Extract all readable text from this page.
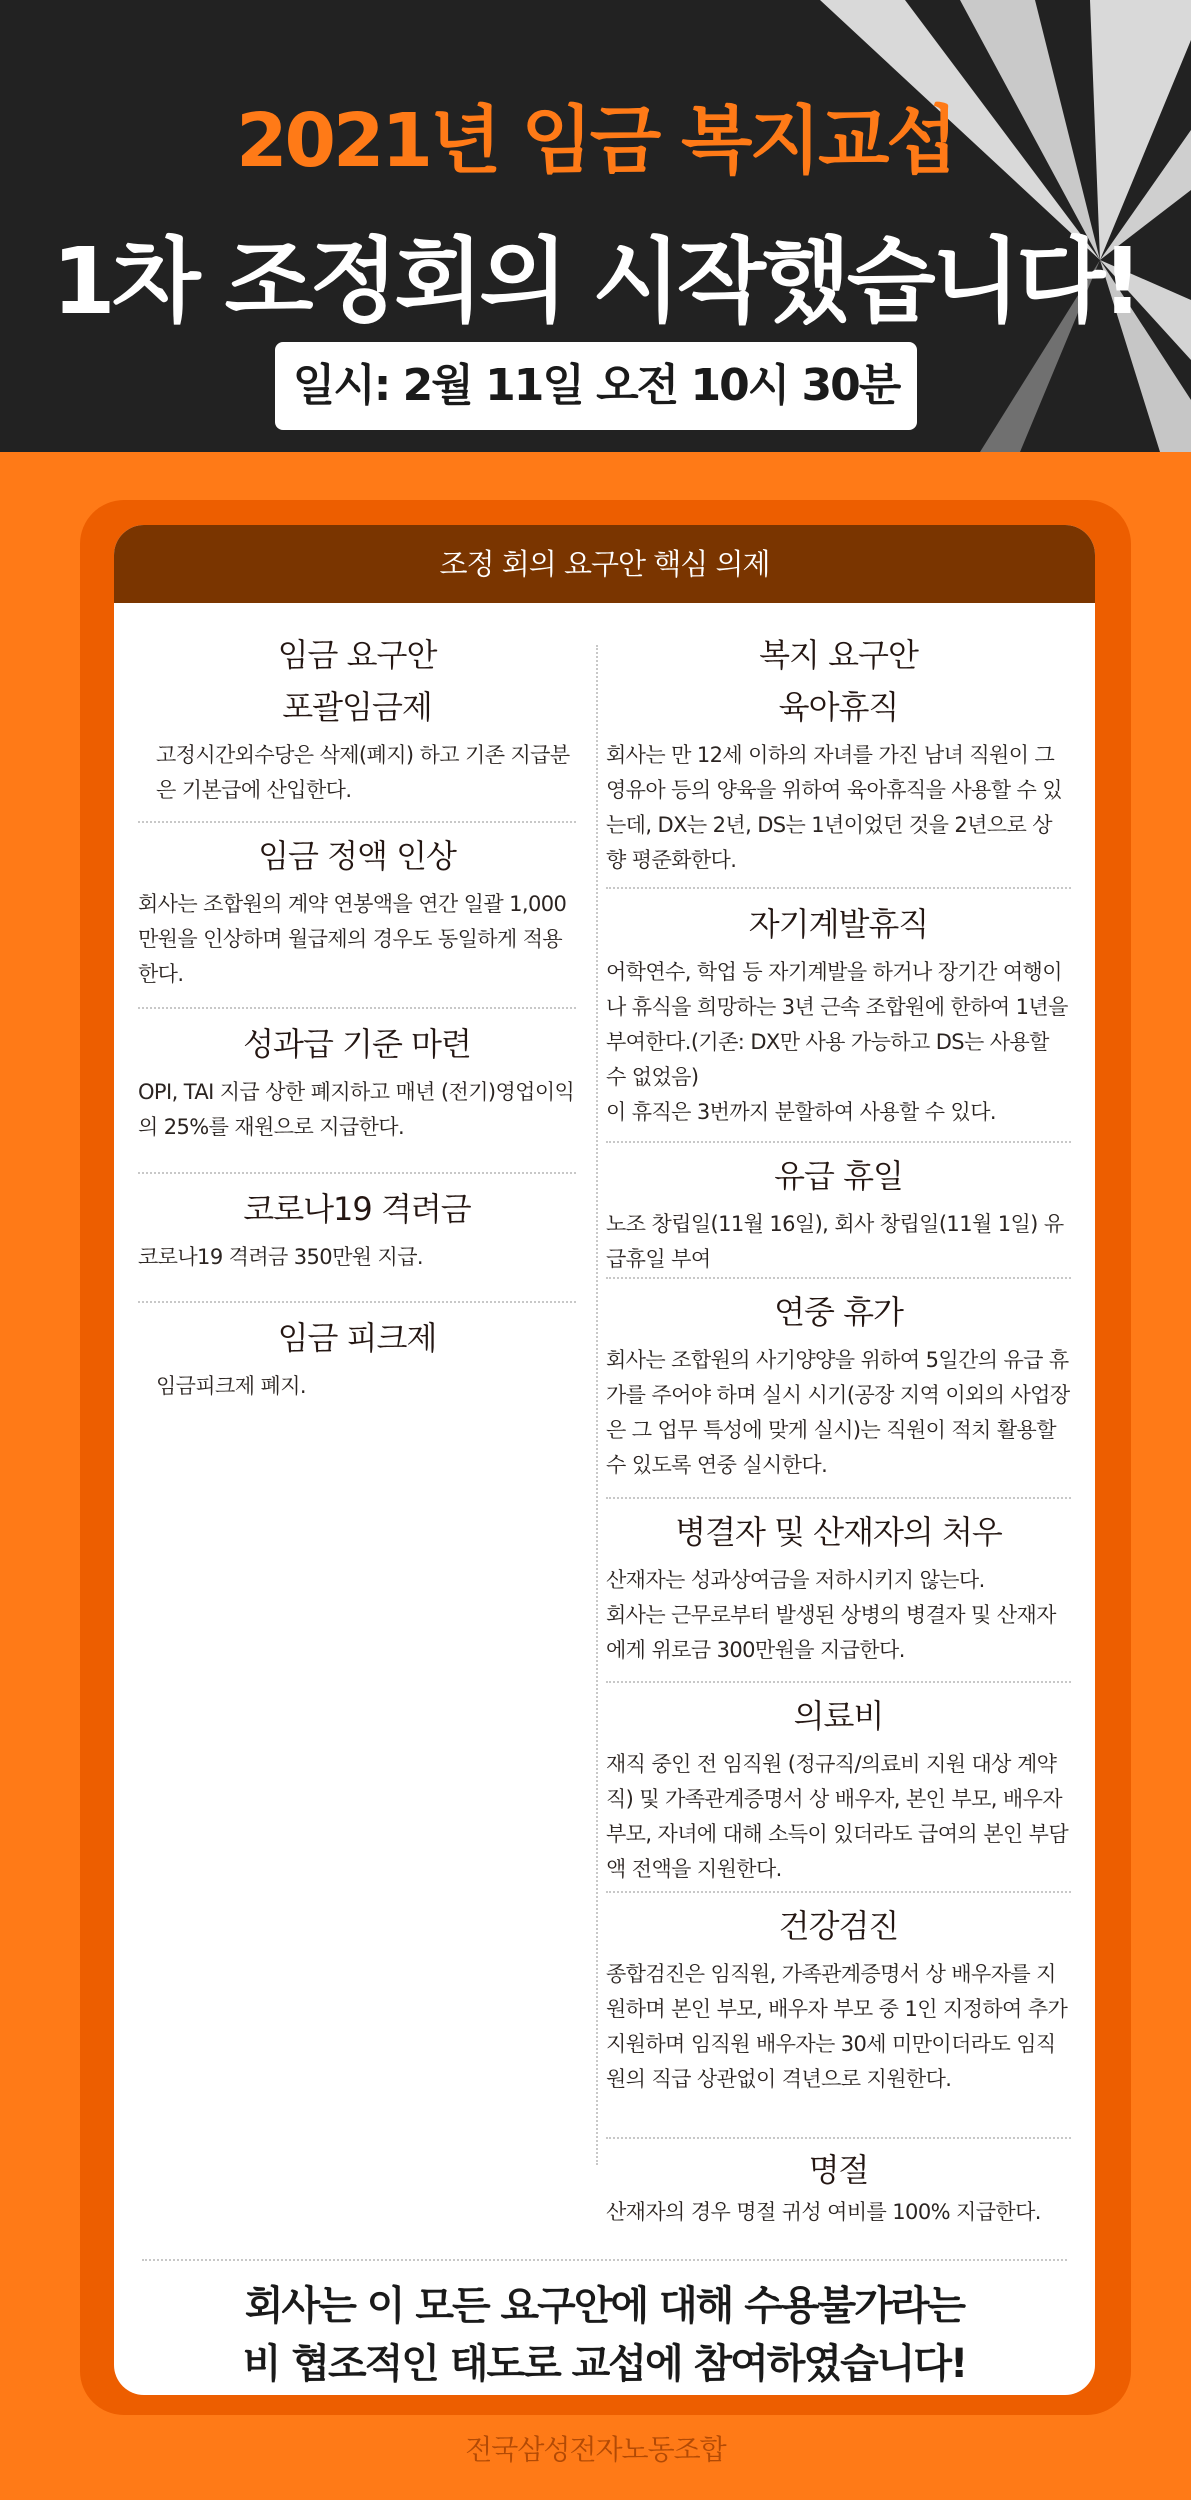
2021년 임금 복지교섭
1차 조정회의 시작했습니다!
일시: 2월 11일 오전 10시 30분
조정 회의 요구안 핵심 의제
임금 요구안
포괄임금제
고정시간외수당은 삭제(폐지) 하고 기존 지급분은 기본급에 산입한다.
임금 정액 인상
회사는 조합원의 계약 연봉액을 연간 일괄 1,000만원을 인상하며 월급제의 경우도 동일하게 적용한다.
성과급 기준 마련
OPI, TAI 지급 상한 폐지하고 매년 (전기)영업이익의 25%를 재원으로 지급한다.
코로나19 격려금
코로나19 격려금 350만원 지급.
임금 피크제
임금피크제 폐지.
복지 요구안
육아휴직
회사는 만 12세 이하의 자녀를 가진 남녀 직원이 그 영유아 등의 양육을 위하여 육아휴직을 사용할 수 있는데, DX는 2년, DS는 1년이었던 것을 2년으로 상향 평준화한다.
자기계발휴직
어학연수, 학업 등 자기계발을 하거나 장기간 여행이나 휴식을 희망하는 3년 근속 조합원에 한하여 1년을 부여한다.(기존: DX만 사용 가능하고 DS는 사용할 수 없었음)
이 휴직은 3번까지 분할하여 사용할 수 있다.
유급 휴일
노조 창립일(11월 16일), 회사 창립일(11월 1일) 유급휴일 부여
연중 휴가
회사는 조합원의 사기양양을 위하여 5일간의 유급 휴가를 주어야 하며 실시 시기(공장 지역 이외의 사업장은 그 업무 특성에 맞게 실시)는 직원이 적치 활용할 수 있도록 연중 실시한다.
병결자 및 산재자의 처우
산재자는 성과상여금을 저하시키지 않는다.
회사는 근무로부터 발생된 상병의 병결자 및 산재자에게 위로금 300만원을 지급한다.
의료비
재직 중인 전 임직원 (정규직/의료비 지원 대상 계약직) 및 가족관계증명서 상 배우자, 본인 부모, 배우자 부모, 자녀에 대해 소득이 있더라도 급여의 본인 부담액 전액을 지원한다.
건강검진
종합검진은 임직원, 가족관계증명서 상 배우자를 지원하며 본인 부모, 배우자 부모 중 1인 지정하여 추가 지원하며 임직원 배우자는 30세 미만이더라도 임직원의 직급 상관없이 격년으로 지원한다.
명절
산재자의 경우 명절 귀성 여비를 100% 지급한다.
회사는 이 모든 요구안에 대해 수용불가라는
비 협조적인 태도로 교섭에 참여하였습니다!
전국삼성전자노동조합
